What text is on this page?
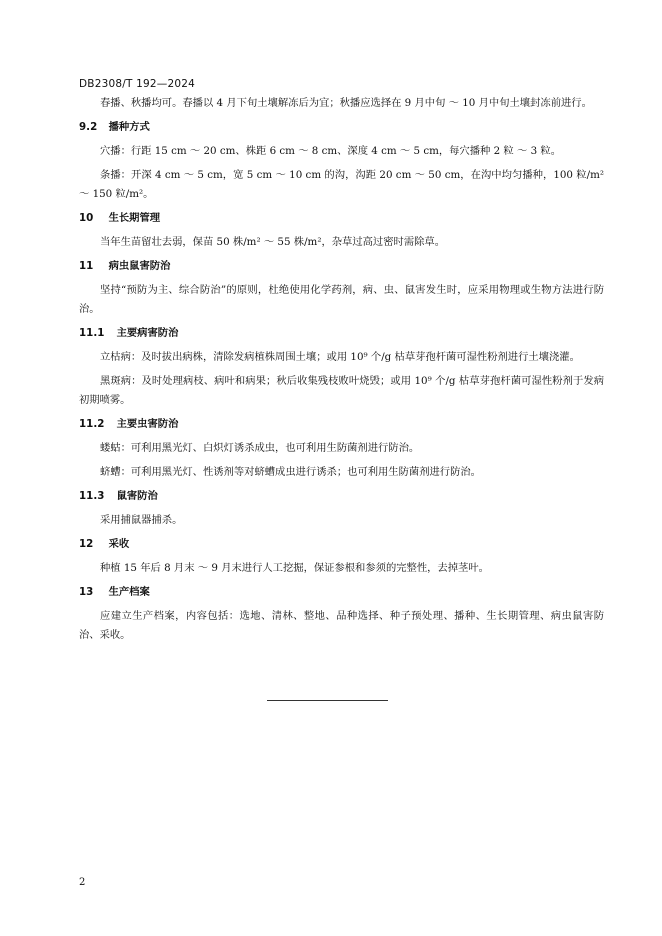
DB2308/T 192—2024

春播、秋播均可。春播以 4 月下旬土壤解冻后为宜；秋播应选择在 9 月中旬 ～ 10 月中旬土壤封冻前进行。

9.2 播种方式

穴播：行距 15 cm ～ 20 cm、株距 6 cm ～ 8 cm、深度 4 cm ～ 5 cm，每穴播种 2 粒 ～ 3 粒。

条播：开深 4 cm ～ 5 cm，宽 5 cm ～ 10 cm 的沟，沟距 20 cm ～ 50 cm，在沟中均匀播种，100 粒/m² ～ 150 粒/m²。

10 生长期管理

当年生苗留壮去弱，保苗 50 株/m² ～ 55 株/m²，杂草过高过密时需除草。

11 病虫鼠害防治

坚持“预防为主、综合防治”的原则，杜绝使用化学药剂，病、虫、鼠害发生时，应采用物理或生物方法进行防治。

11.1 主要病害防治

立枯病：及时拔出病株，清除发病植株周围土壤；或用 10⁹ 个/g 枯草芽孢杆菌可湿性粉剂进行土壤浇灌。

黑斑病：及时处理病枝、病叶和病果；秋后收集残枝败叶烧毁；或用 10⁹ 个/g 枯草芽孢杆菌可湿性粉剂于发病初期喷雾。

11.2 主要虫害防治

蝼蛄：可利用黑光灯、白炽灯诱杀成虫，也可利用生防菌剂进行防治。

蛴螬：可利用黑光灯、性诱剂等对蛴螬成虫进行诱杀；也可利用生防菌剂进行防治。

11.3 鼠害防治

采用捕鼠器捕杀。

12 采收

种植 15 年后 8 月末 ～ 9 月末进行人工挖掘，保证参根和参须的完整性，去掉茎叶。

13 生产档案

应建立生产档案，内容包括：选地、清林、整地、品种选择、种子预处理、播种、生长期管理、病虫鼠害防治、采收。

2
